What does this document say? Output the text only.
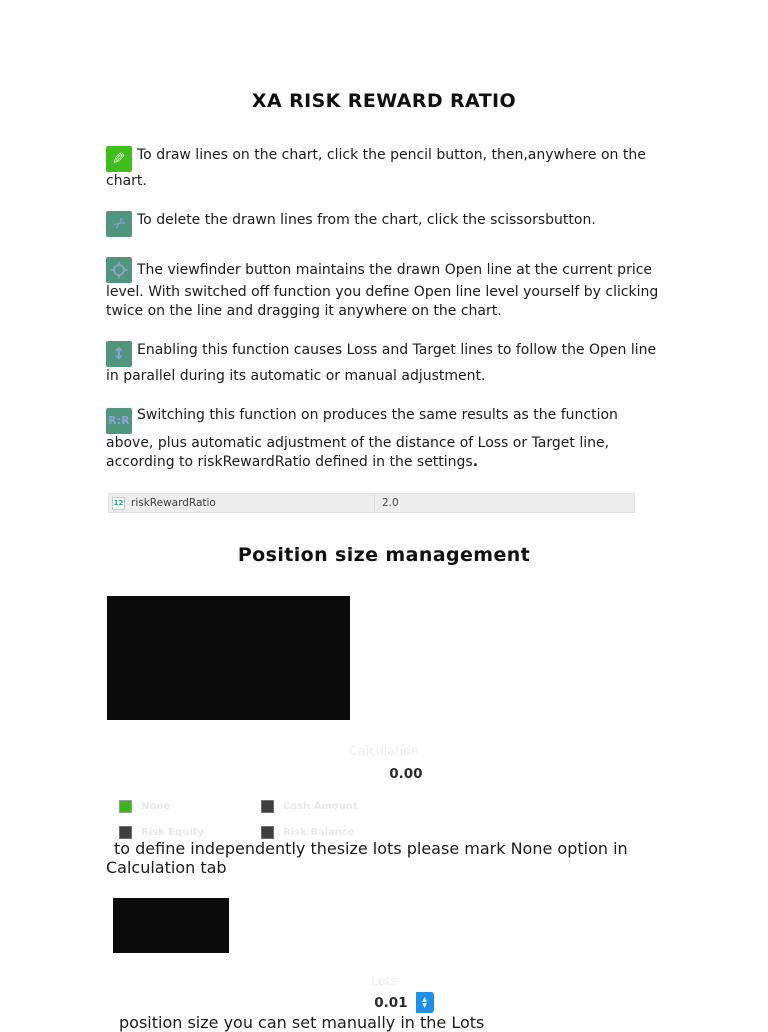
XA RISK REWARD RATIO

✎ To draw lines on the chart, click the pencil button, then,anywhere on the chart.

✂ To delete the drawn lines from the chart, click the scissorsbutton.

The viewfinder button maintains the drawn Open line at the current price level. With switched off function you define Open line level yourself by clicking twice on the line and dragging it anywhere on the chart.

↕ Enabling this function causes Loss and Target lines to follow the Open line in parallel during its automatic or manual adjustment.

R:R Switching this function on produces the same results as the function above, plus automatic adjustment of the distance of Loss or Target line, according to riskRewardRatio defined in the settings.

12 riskRewardRatio	2.0
Position size management

Calculation
0.00
None	Cash Amount
Risk Equity	Risk Balance
to define independently thesize lots please mark None option in Calculation tab

Lots
0.01
▲
▼
position size you can set manually in the Lots
